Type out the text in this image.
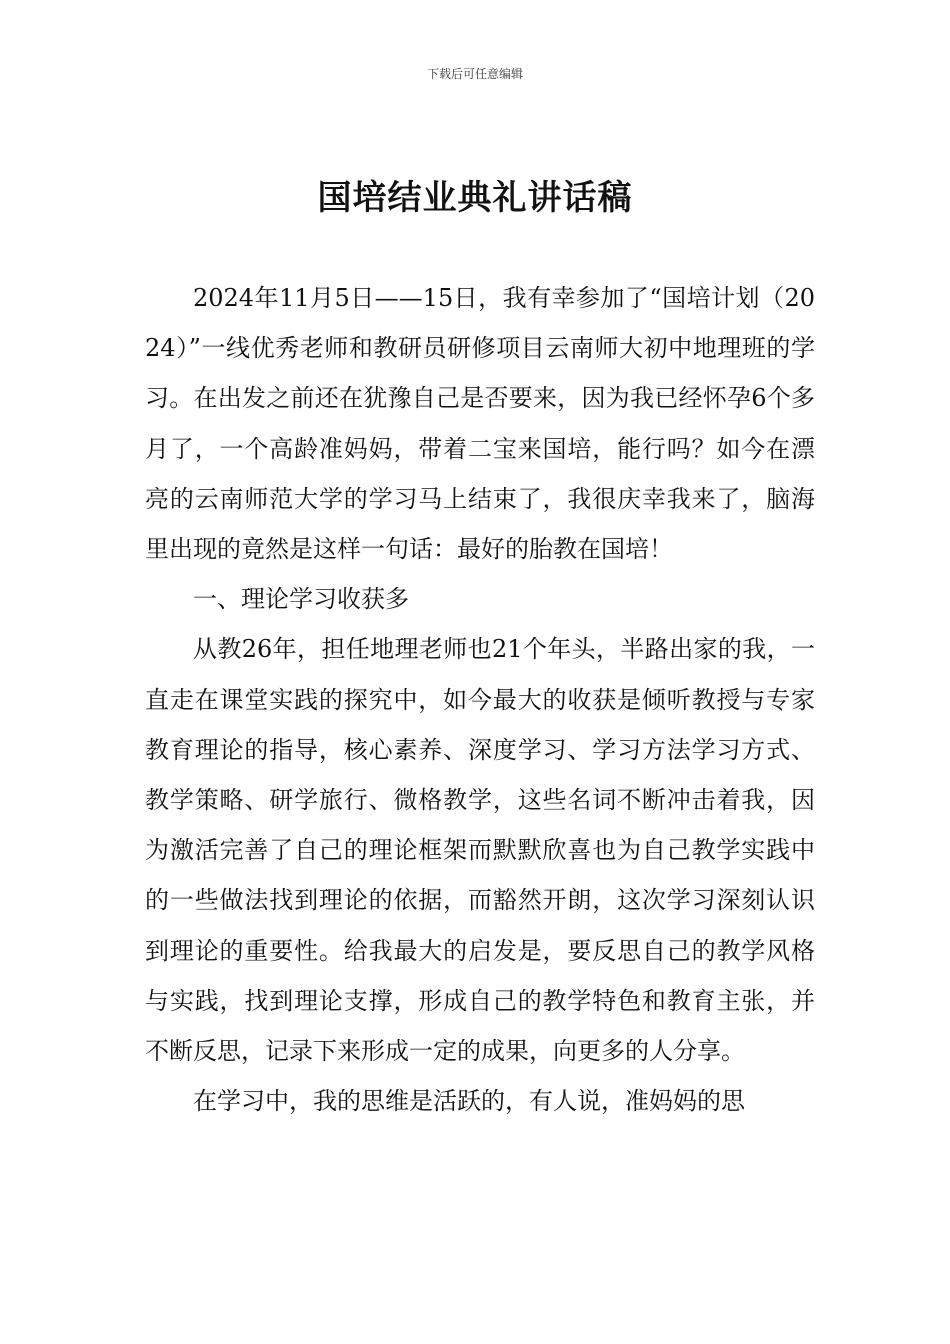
下载后可任意编辑
国培结业典礼讲话稿

2024年11月5日——15日，我有幸参加了“国培计划（2024）”一线优秀老师和教研员研修项目云南师大初中地理班的学习。在出发之前还在犹豫自己是否要来，因为我已经怀孕6个多月了，一个高龄准妈妈，带着二宝来国培，能行吗？如今在漂亮的云南师范大学的学习马上结束了，我很庆幸我来了，脑海里出现的竟然是这样一句话：最好的胎教在国培！

一、理论学习收获多

从教26年，担任地理老师也21个年头，半路出家的我，一直走在课堂实践的探究中，如今最大的收获是倾听教授与专家教育理论的指导，核心素养、深度学习、学习方法学习方式、教学策略、研学旅行、微格教学，这些名词不断冲击着我，因为激活完善了自己的理论框架而默默欣喜也为自己教学实践中的一些做法找到理论的依据，而豁然开朗，这次学习深刻认识到理论的重要性。给我最大的启发是，要反思自己的教学风格与实践，找到理论支撑，形成自己的教学特色和教育主张，并不断反思，记录下来形成一定的成果，向更多的人分享。

在学习中，我的思维是活跃的，有人说，准妈妈的思
